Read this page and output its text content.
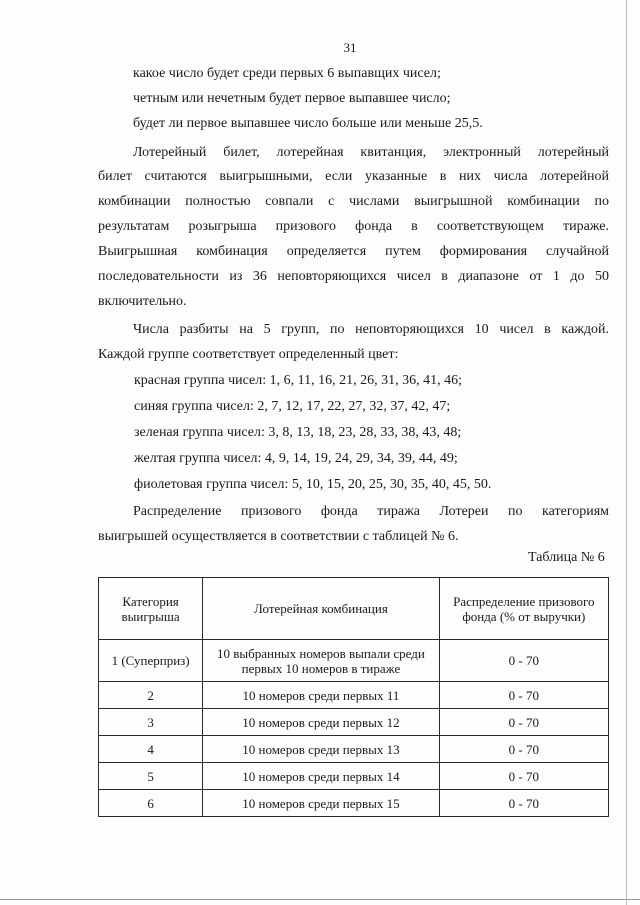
31
какое число будет среди первых 6 выпавщих чисел;
четным или нечетным будет первое выпавшее число;
будет ли первое выпавшее число больше или меньше 25,5.
Лотерейный билет, лотерейная квитанция, электронный лотерейный
билет считаются выигрышными, если указанные в них числа лотерейной
комбинации полностью совпали с числами выигрышной комбинации по
результатам розыгрыша призового фонда в соответствующем тираже.
Выигрышная комбинация определяется путем формирования случайной
последовательности из 36 неповторяющихся чисел в диапазоне от 1 до 50
включительно.
Числа разбиты на 5 групп, по неповторяющихся 10 чисел в каждой.
Каждой группе соответствует определенный цвет:
красная группа чисел: 1, 6, 11, 16, 21, 26, 31, 36, 41, 46;
синяя группа чисел: 2, 7, 12, 17, 22, 27, 32, 37, 42, 47;
зеленая группа чисел: 3, 8, 13, 18, 23, 28, 33, 38, 43, 48;
желтая группа чисел: 4, 9, 14, 19, 24, 29, 34, 39, 44, 49;
фиолетовая группа чисел: 5, 10, 15, 20, 25, 30, 35, 40, 45, 50.
Распределение призового фонда тиража Лотереи по категориям
выигрышей осуществляется в соответствии с таблицей № 6.
Таблица № 6
Категория выигрыша	Лотерейная комбинация	Распределение призового фонда (% от выручки)
1 (Суперприз)	10 выбранных номеров выпали среди первых 10 номеров в тираже	0 - 70
2	10 номеров среди первых 11	0 - 70
3	10 номеров среди первых 12	0 - 70
4	10 номеров среди первых 13	0 - 70
5	10 номеров среди первых 14	0 - 70
6	10 номеров среди первых 15	0 - 70
